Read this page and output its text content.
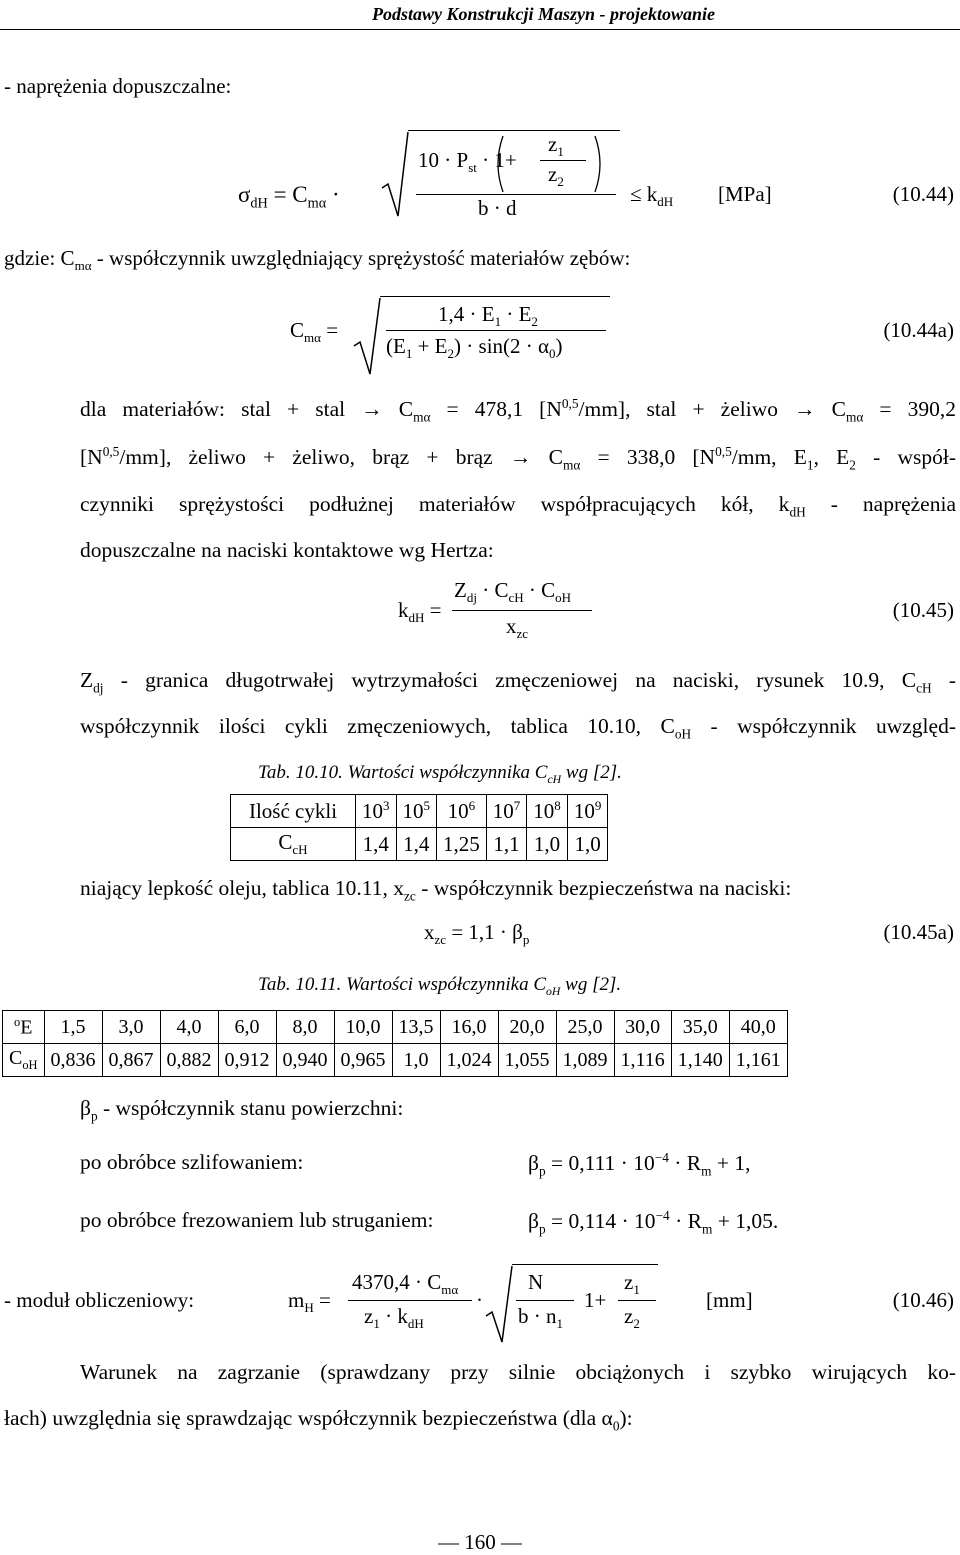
Podstawy Konstrukcji Maszyn - projektowanie
- naprężenia dopuszczalne:
$\sigma_{dH} = C_{m\alpha}$ ·
$10 \cdot P_{st} \cdot 1+$
$z_1$
$z_2$
b · d
≤ $k_{dH}$ [MPa]	(10.44)
gdzie: $C_{m\alpha}$ - współczynnik uwzględniający sprężystość materiałów zębów:
$C_{m\alpha}$ =
$1,4 \cdot E_1 \cdot E_2$
$(E_1 + E_2) \cdot \sin(2 \cdot \alpha_0)$
(10.44a)
dla materiałów: stal + stal → $C_{m\alpha} = 478,1$ $[N^{0,5}/mm]$, stal + żeliwo → $C_{m\alpha} = 390,2$
$[N^{0,5}/mm]$, żeliwo + żeliwo, brąz + brąz → $C_{m\alpha} = 338,0$ [$N^{0,5}/mm$, $E_1$, $E_2$ - współ-
czynniki sprężystości podłużnej materiałów współpracujących kół, $k_{dH}$ - naprężenia
dopuszczalne na naciski kontaktowe wg Hertza:
$k_{dH}$ =
$Z_{dj} \cdot C_{cH} \cdot C_{oH}$
$x_{zc}$
(10.45)
$Z_{dj}$ - granica długotrwałej wytrzymałości zmęczeniowej na naciski, rysunek 10.9, $C_{cH}$ -
współczynnik ilości cykli zmęczeniowych, tablica 10.10, $C_{oH}$ - współczynnik uwzględ-
Tab. 10.10. Wartości współczynnika $C_{cH}$ wg [2].
Ilość cykli	$10^3$	$10^5$	$10^6$	$10^7$	$10^8$	$10^9$
$C_{cH}$	1,4	1,4	1,25	1,1	1,0	1,0
niający lepkość oleju, tablica 10.11, $x_{zc}$ - współczynnik bezpieczeństwa na naciski:
$x_{zc} = 1,1 \cdot \beta_p$	(10.45a)
Tab. 10.11. Wartości współczynnika $C_{oH}$ wg [2].
$^o$E	1,5	3,0	4,0	6,0	8,0	10,0	13,5	16,0	20,0	25,0	30,0	35,0	40,0
$C_{oH}$	0,836	0,867	0,882	0,912	0,940	0,965	1,0	1,024	1,055	1,089	1,116	1,140	1,161
$\beta_p$ - współczynnik stanu powierzchni:
po obróbce szlifowaniem:	$\beta_p = 0,111 \cdot 10^{-4} \cdot R_m + 1$,
po obróbce frezowaniem lub struganiem:	$\beta_p = 0,114 \cdot 10^{-4} \cdot R_m + 1,05$.
- moduł obliczeniowy:	$m_H$ =
$4370,4 \cdot C_{m\alpha}$
$z_1 \cdot k_{dH}$
·
N
$b \cdot n_1$
1+
$z_1$
$z_2$
[mm]	(10.46)
Warunek na zagrzanie (sprawdzany przy silnie obciążonych i szybko wirujących ko-
łach) uwzględnia się sprawdzając współczynnik bezpieczeństwa (dla $\alpha_0$):
— 160 —
